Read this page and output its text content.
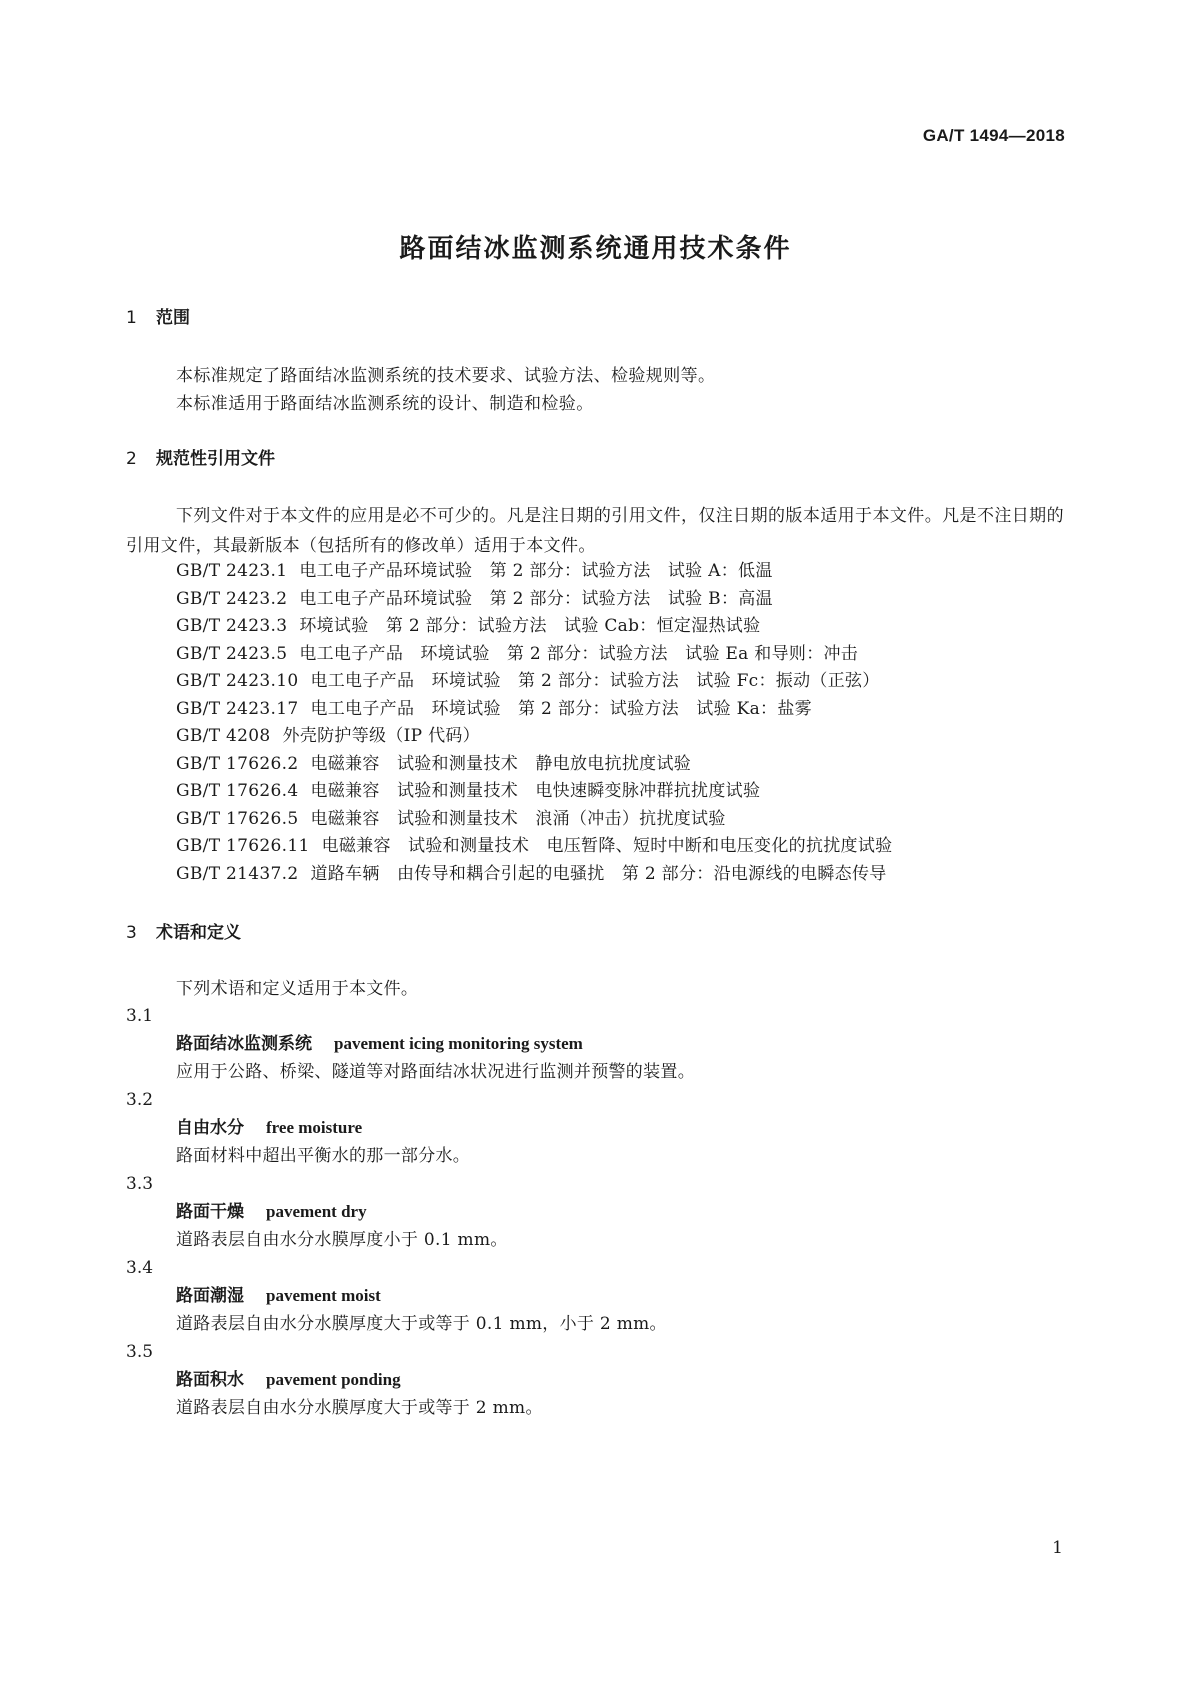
GA/T 1494—2018
路面结冰监测系统通用技术条件
1 范围
本标准规定了路面结冰监测系统的技术要求、试验方法、检验规则等。
本标准适用于路面结冰监测系统的设计、制造和检验。
2 规范性引用文件
下列文件对于本文件的应用是必不可少的。凡是注日期的引用文件，仅注日期的版本适用于本文件。凡是不注日期的引用文件，其最新版本（包括所有的修改单）适用于本文件。
GB/T 2423.1 电工电子产品环境试验　第 2 部分：试验方法　试验 A：低温
GB/T 2423.2 电工电子产品环境试验　第 2 部分：试验方法　试验 B：高温
GB/T 2423.3 环境试验　第 2 部分：试验方法　试验 Cab：恒定湿热试验
GB/T 2423.5 电工电子产品　环境试验　第 2 部分：试验方法　试验 Ea 和导则：冲击
GB/T 2423.10 电工电子产品　环境试验　第 2 部分：试验方法　试验 Fc：振动（正弦）
GB/T 2423.17 电工电子产品　环境试验　第 2 部分：试验方法　试验 Ka：盐雾
GB/T 4208 外壳防护等级（IP 代码）
GB/T 17626.2 电磁兼容　试验和测量技术　静电放电抗扰度试验
GB/T 17626.4 电磁兼容　试验和测量技术　电快速瞬变脉冲群抗扰度试验
GB/T 17626.5 电磁兼容　试验和测量技术　浪涌（冲击）抗扰度试验
GB/T 17626.11 电磁兼容　试验和测量技术　电压暂降、短时中断和电压变化的抗扰度试验
GB/T 21437.2 道路车辆　由传导和耦合引起的电骚扰　第 2 部分：沿电源线的电瞬态传导
3 术语和定义
下列术语和定义适用于本文件。
3.1
路面结冰监测系统 pavement icing monitoring system
应用于公路、桥梁、隧道等对路面结冰状况进行监测并预警的装置。
3.2
自由水分 free moisture
路面材料中超出平衡水的那一部分水。
3.3
路面干燥 pavement dry
道路表层自由水分水膜厚度小于 0.1 mm。
3.4
路面潮湿 pavement moist
道路表层自由水分水膜厚度大于或等于 0.1 mm，小于 2 mm。
3.5
路面积水 pavement ponding
道路表层自由水分水膜厚度大于或等于 2 mm。
1
